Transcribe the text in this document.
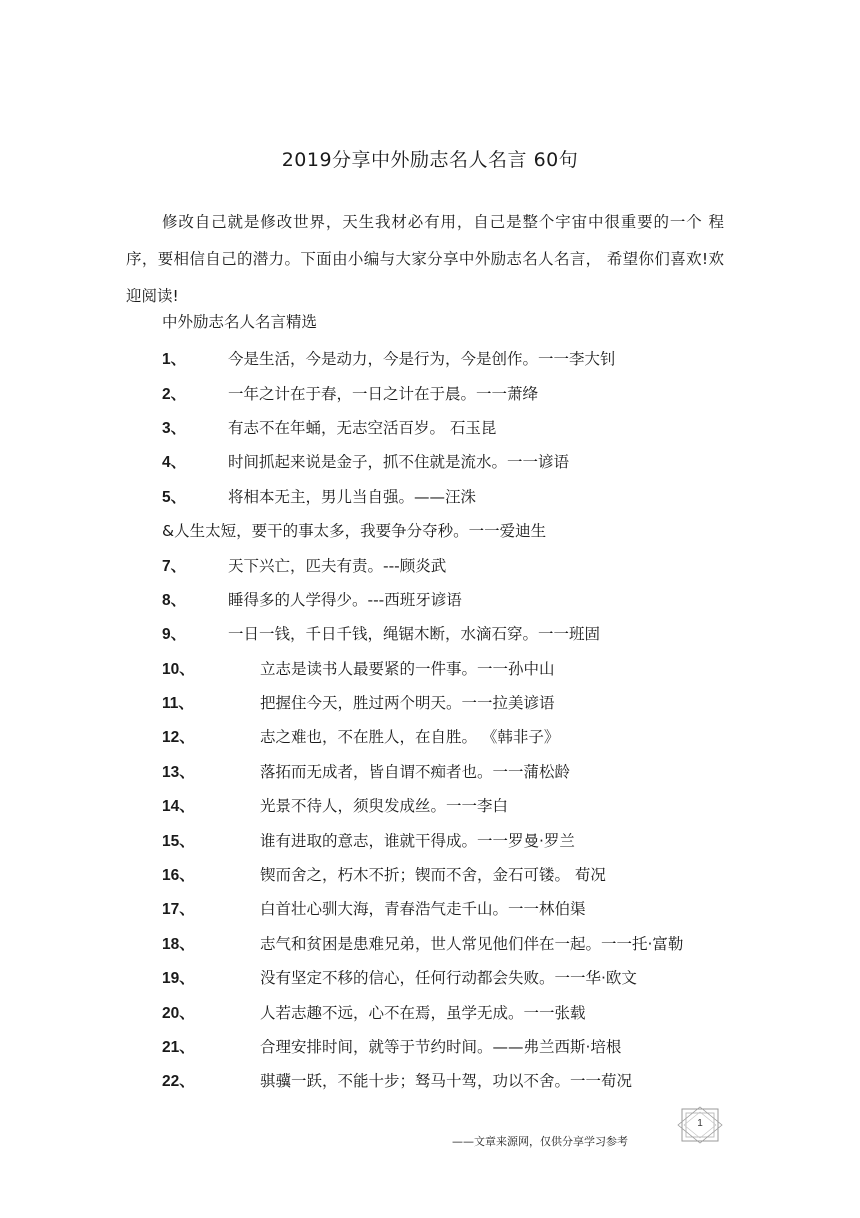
2019分享中外励志名人名言 60句
修改自己就是修改世界，天生我材必有用，自己是整个宇宙中很重要的一个 程序，要相信自己的潜力。下面由小编与大家分享中外励志名人名言， 希望你们喜欢!欢迎阅读!
中外励志名人名言精选
1、	今是生活，今是动力，今是行为，今是创作。一一李大钊
2、	一年之计在于春，一日之计在于晨。一一萧绛
3、	有志不在年蛹，无志空活百岁。 石玉昆
4、	时间抓起来说是金子，抓不住就是流水。一一谚语
5、	将相本无主，男儿当自强。——汪洙
&人生太短，要干的事太多，我要争分夺秒。一一爱迪生
7、	天下兴亡，匹夫有责。---顾炎武
8、	睡得多的人学得少。---西班牙谚语
9、	一日一钱，千日千钱，绳锯木断，水滴石穿。一一班固
10、	立志是读书人最要紧的一件事。一一孙中山
11、	把握住今天，胜过两个明天。一一拉美谚语
12、	志之难也，不在胜人，在自胜。 《韩非子》
13、	落拓而无成者，皆自谓不痴者也。一一蒲松龄
14、	光景不待人，须臾发成丝。一一李白
15、	谁有进取的意志，谁就干得成。一一罗曼·罗兰
16、	锲而舍之，朽木不折；锲而不舍，金石可镂。 荀况
17、	白首壮心驯大海，青春浩气走千山。一一林伯渠
18、	志气和贫困是患难兄弟，世人常见他们伴在一起。一一托·富勒
19、	没有坚定不移的信心，任何行动都会失败。一一华·欧文
20、	人若志趣不远，心不在焉，虽学无成。一一张载
21、	合理安排时间，就等于节约时间。——弗兰西斯·培根
22、	骐骥一跃，不能十步；驽马十驾，功以不舍。一一荀况
1
——文章来源网，仅供分享学习参考
